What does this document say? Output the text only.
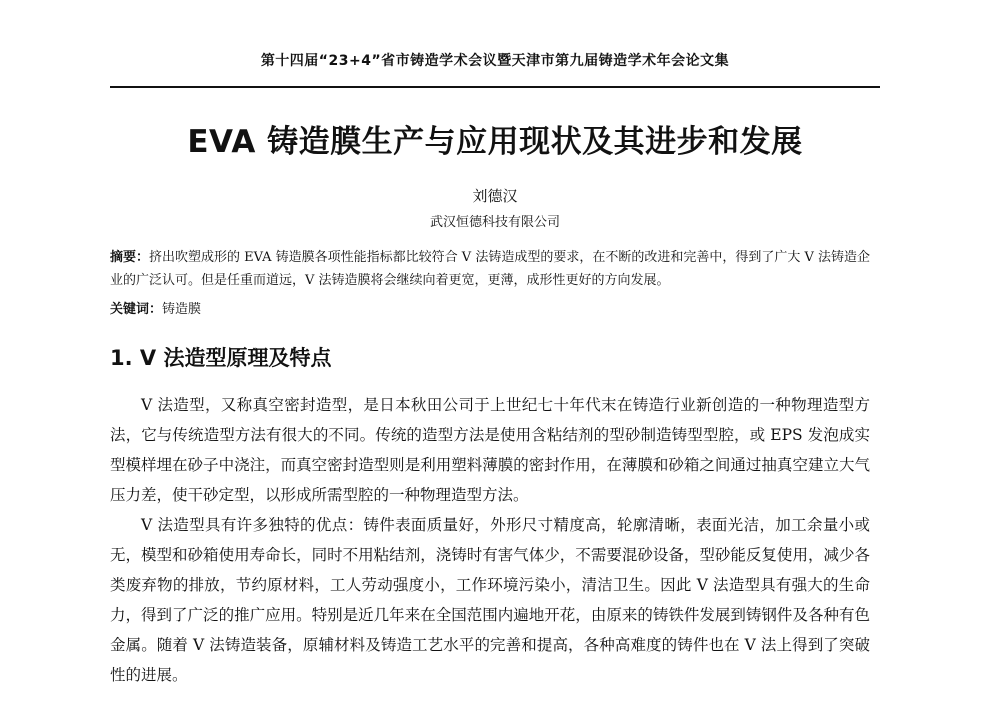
第十四届“23+4”省市铸造学术会议暨天津市第九届铸造学术年会论文集
EVA 铸造膜生产与应用现状及其进步和发展
刘德汉
武汉恒德科技有限公司
摘要：挤出吹塑成形的 EVA 铸造膜各项性能指标都比较符合 V 法铸造成型的要求，在不断的改进和完善中，得到了广大 V 法铸造企业的广泛认可。但是任重而道远，V 法铸造膜将会继续向着更宽，更薄，成形性更好的方向发展。
关键词：铸造膜
1. V 法造型原理及特点

V 法造型，又称真空密封造型，是日本秋田公司于上世纪七十年代末在铸造行业新创造的一种物理造型方法，它与传统造型方法有很大的不同。传统的造型方法是使用含粘结剂的型砂制造铸型型腔，或 EPS 发泡成实型模样埋在砂子中浇注，而真空密封造型则是利用塑料薄膜的密封作用，在薄膜和砂箱之间通过抽真空建立大气压力差，使干砂定型，以形成所需型腔的一种物理造型方法。

V 法造型具有许多独特的优点：铸件表面质量好，外形尺寸精度高，轮廓清晰，表面光洁，加工余量小或无，模型和砂箱使用寿命长，同时不用粘结剂，浇铸时有害气体少，不需要混砂设备，型砂能反复使用，减少各类废弃物的排放，节约原材料，工人劳动强度小，工作环境污染小，清洁卫生。因此 V 法造型具有强大的生命力，得到了广泛的推广应用。特别是近几年来在全国范围内遍地开花，由原来的铸铁件发展到铸钢件及各种有色金属。随着 V 法铸造装备，原辅材料及铸造工艺水平的完善和提高，各种高难度的铸件也在 V 法上得到了突破性的进展。
